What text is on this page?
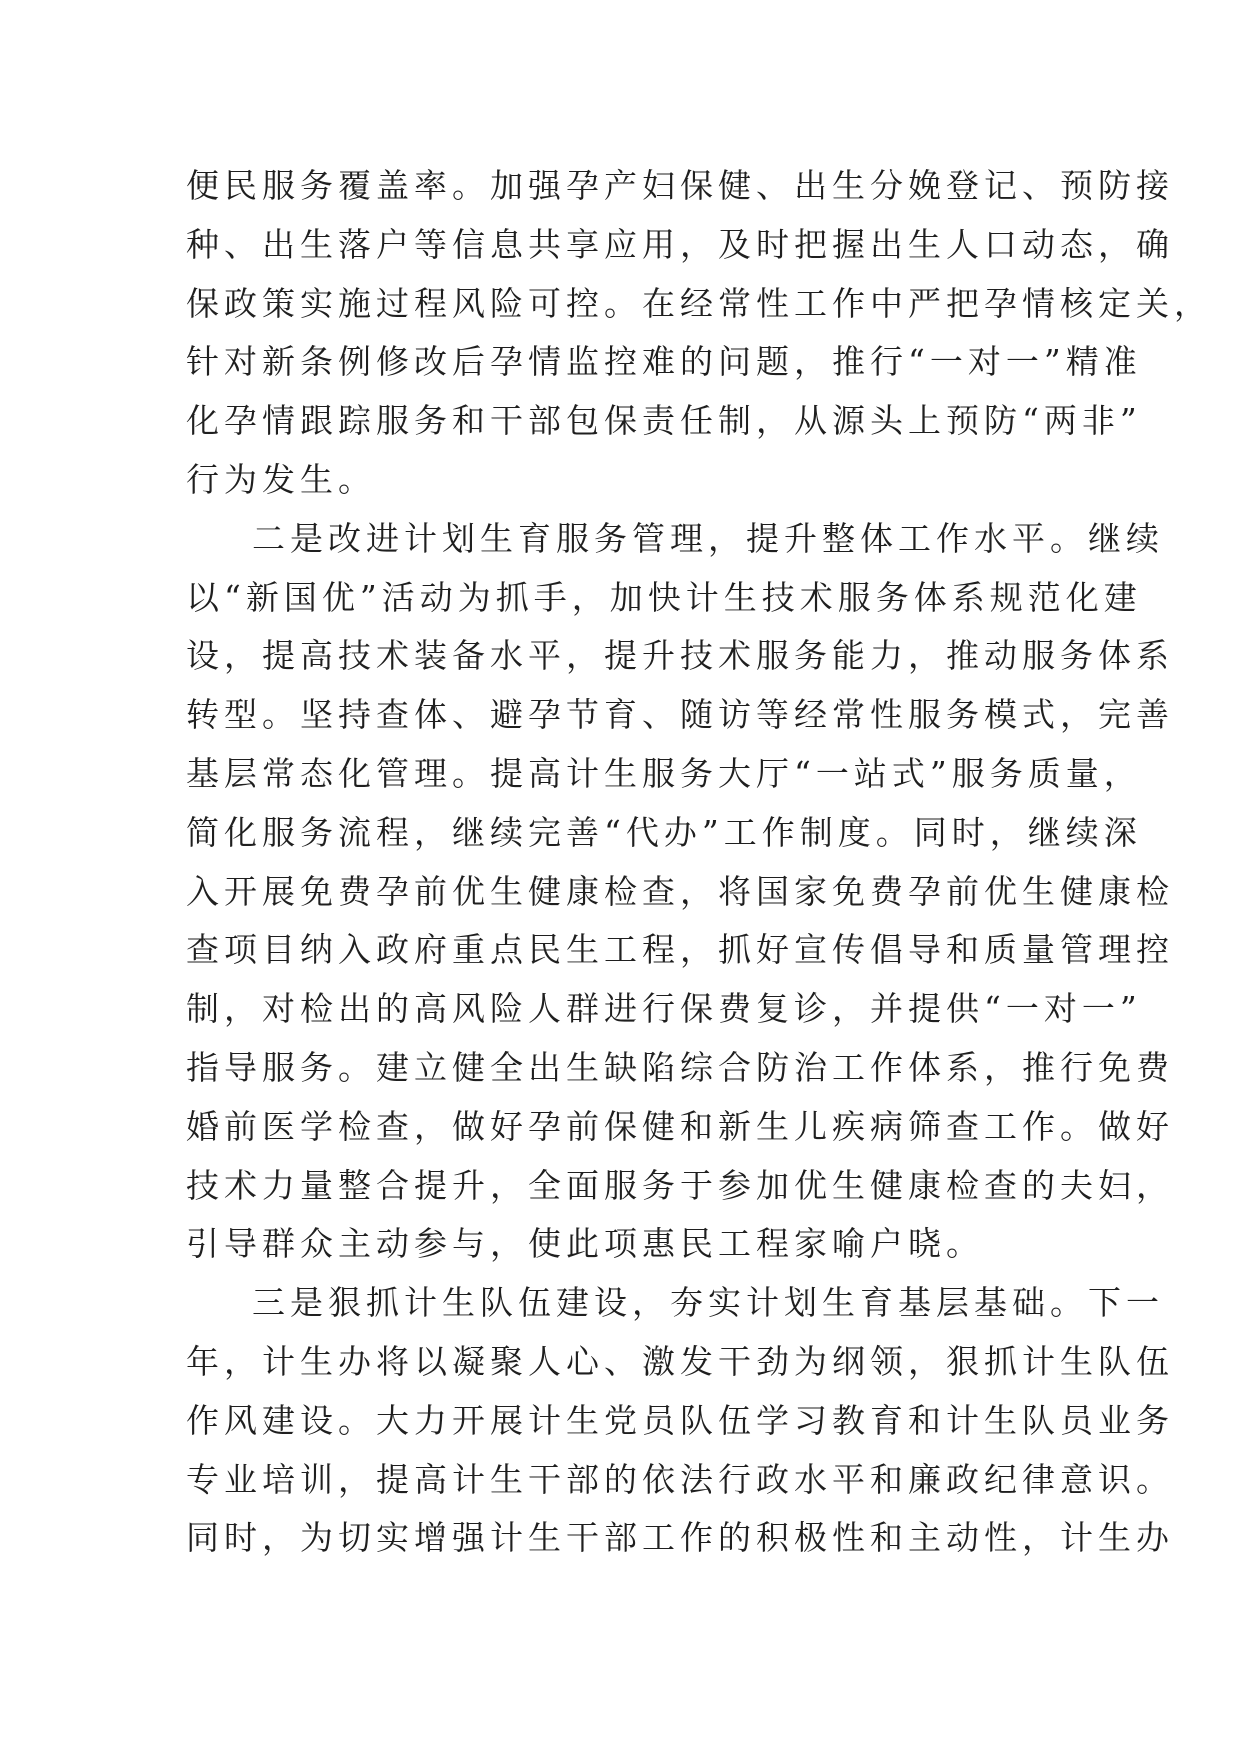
便民服务覆盖率。加强孕产妇保健、出生分娩登记、预防接
种、出生落户等信息共享应用，及时把握出生人口动态，确
保政策实施过程风险可控。在经常性工作中严把孕情核定关，
针对新条例修改后孕情监控难的问题，推行“一对一”精准
化孕情跟踪服务和干部包保责任制，从源头上预防“两非”
行为发生。
二是改进计划生育服务管理，提升整体工作水平。继续
以“新国优”活动为抓手，加快计生技术服务体系规范化建
设，提高技术装备水平，提升技术服务能力，推动服务体系
转型。坚持查体、避孕节育、随访等经常性服务模式，完善
基层常态化管理。提高计生服务大厅“一站式”服务质量，
简化服务流程，继续完善“代办”工作制度。同时，继续深
入开展免费孕前优生健康检查，将国家免费孕前优生健康检
查项目纳入政府重点民生工程，抓好宣传倡导和质量管理控
制，对检出的高风险人群进行保费复诊，并提供“一对一”
指导服务。建立健全出生缺陷综合防治工作体系，推行免费
婚前医学检查，做好孕前保健和新生儿疾病筛查工作。做好
技术力量整合提升，全面服务于参加优生健康检查的夫妇，
引导群众主动参与，使此项惠民工程家喻户晓。
三是狠抓计生队伍建设，夯实计划生育基层基础。下一
年，计生办将以凝聚人心、激发干劲为纲领，狠抓计生队伍
作风建设。大力开展计生党员队伍学习教育和计生队员业务
专业培训，提高计生干部的依法行政水平和廉政纪律意识。
同时，为切实增强计生干部工作的积极性和主动性，计生办
